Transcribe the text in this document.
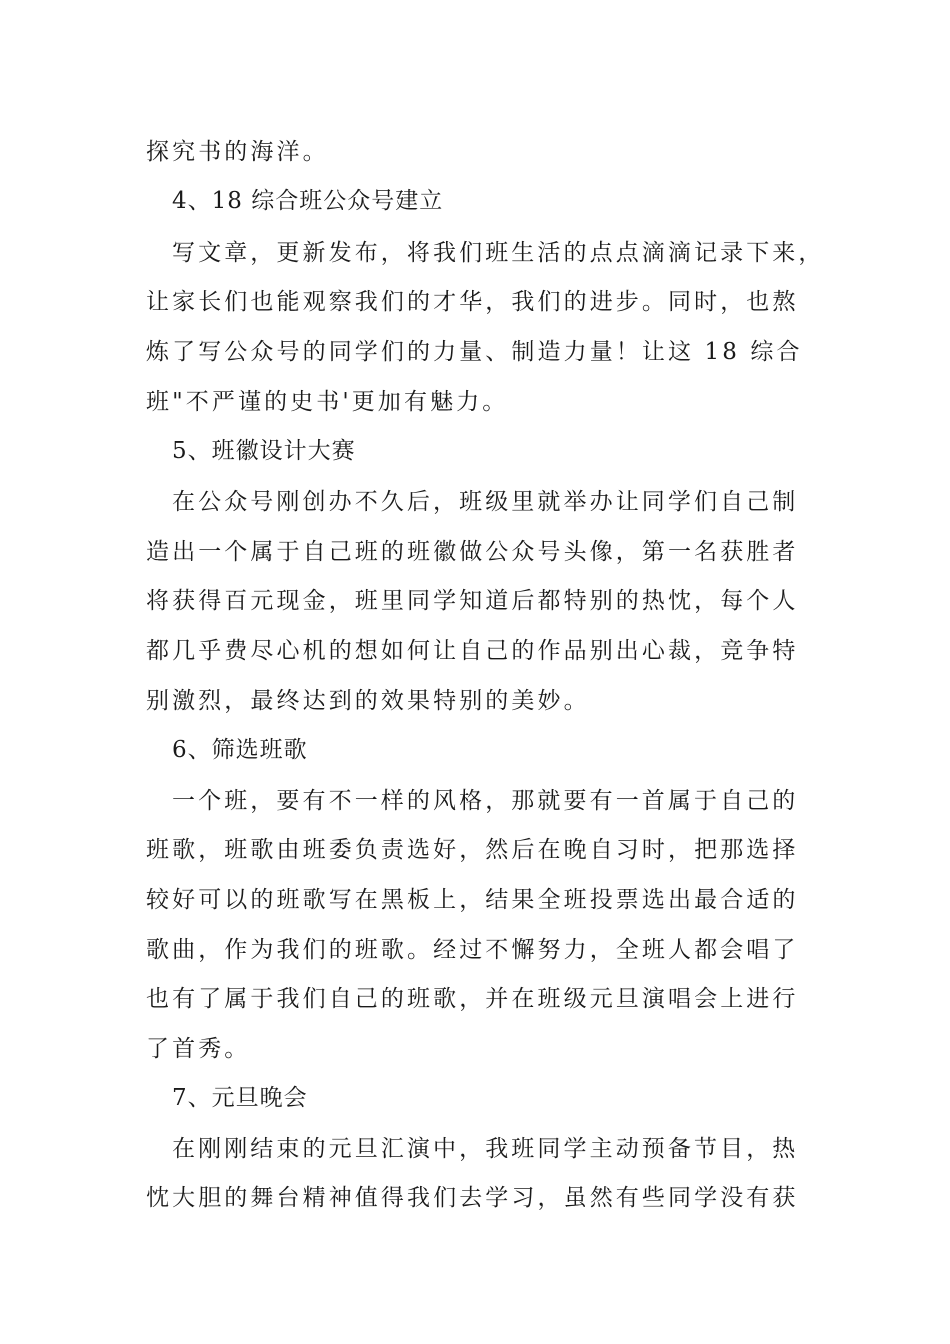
探究书的海洋。
4、18 综合班公众号建立
写文章，更新发布，将我们班生活的点点滴滴记录下来，
让家长们也能观察我们的才华，我们的进步。同时，也熬
炼了写公众号的同学们的力量、制造力量！让这 18 综合
班"不严谨的史书'更加有魅力。
5、班徽设计大赛
在公众号刚创办不久后，班级里就举办让同学们自己制
造出一个属于自己班的班徽做公众号头像，第一名获胜者
将获得百元现金，班里同学知道后都特别的热忱，每个人
都几乎费尽心机的想如何让自己的作品别出心裁，竞争特
别激烈，最终达到的效果特别的美妙。
6、筛选班歌
一个班，要有不一样的风格，那就要有一首属于自己的
班歌，班歌由班委负责选好，然后在晚自习时，把那选择
较好可以的班歌写在黑板上，结果全班投票选出最合适的
歌曲，作为我们的班歌。经过不懈努力，全班人都会唱了
也有了属于我们自己的班歌，并在班级元旦演唱会上进行
了首秀。
7、元旦晚会
在刚刚结束的元旦汇演中，我班同学主动预备节目，热
忱大胆的舞台精神值得我们去学习，虽然有些同学没有获
